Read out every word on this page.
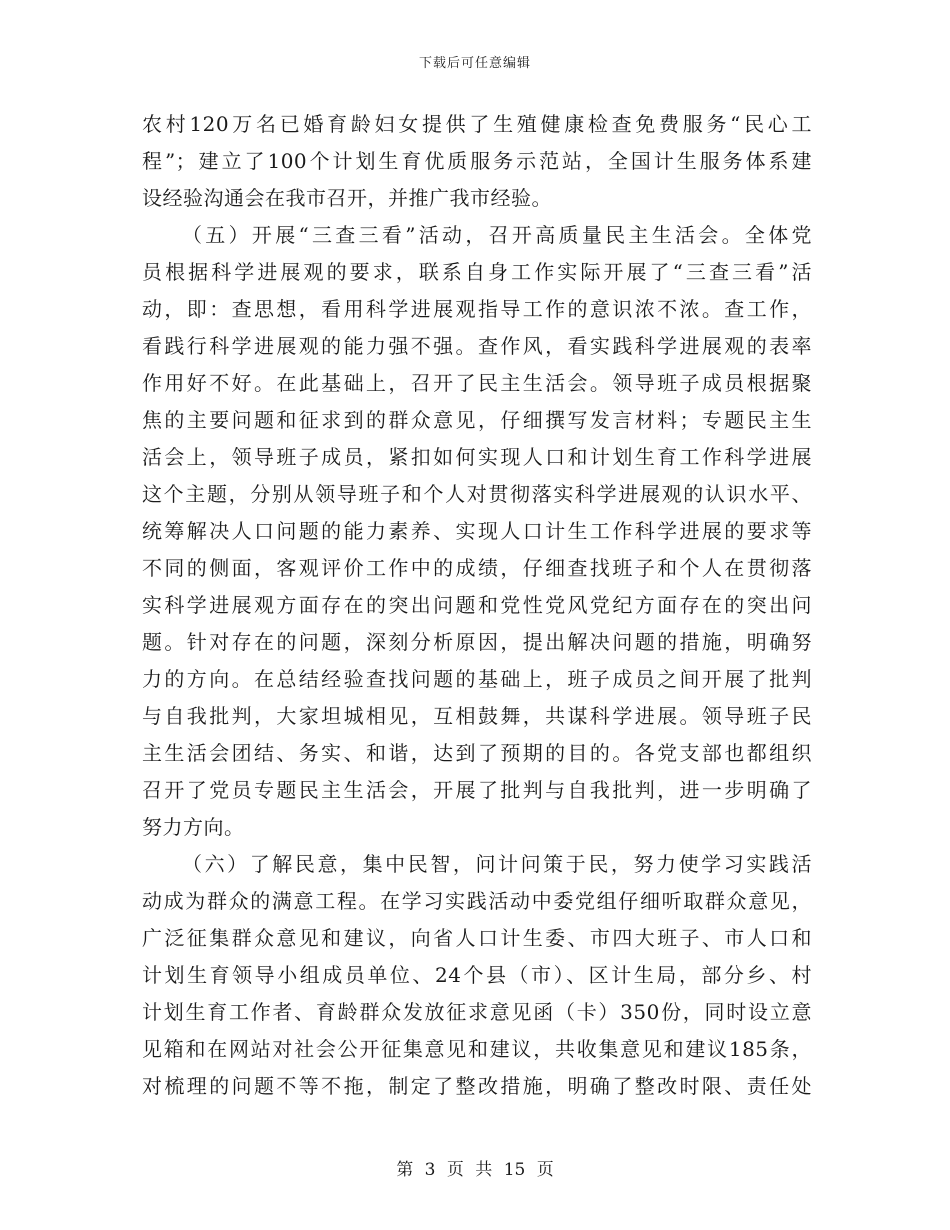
下载后可任意编辑
农村120万名已婚育龄妇女提供了生殖健康检查免费服务“民心工
程”；建立了100个计划生育优质服务示范站，全国计生服务体系建
设经验沟通会在我市召开，并推广我市经验。
（五）开展“三查三看”活动，召开高质量民主生活会。全体党
员根据科学进展观的要求，联系自身工作实际开展了“三查三看”活
动，即：查思想，看用科学进展观指导工作的意识浓不浓。查工作，
看践行科学进展观的能力强不强。查作风，看实践科学进展观的表率
作用好不好。在此基础上，召开了民主生活会。领导班子成员根据聚
焦的主要问题和征求到的群众意见，仔细撰写发言材料；专题民主生
活会上，领导班子成员，紧扣如何实现人口和计划生育工作科学进展
这个主题，分别从领导班子和个人对贯彻落实科学进展观的认识水平、
统筹解决人口问题的能力素养、实现人口计生工作科学进展的要求等
不同的侧面，客观评价工作中的成绩，仔细查找班子和个人在贯彻落
实科学进展观方面存在的突出问题和党性党风党纪方面存在的突出问
题。针对存在的问题，深刻分析原因，提出解决问题的措施，明确努
力的方向。在总结经验查找问题的基础上，班子成员之间开展了批判
与自我批判，大家坦城相见，互相鼓舞，共谋科学进展。领导班子民
主生活会团结、务实、和谐，达到了预期的目的。各党支部也都组织
召开了党员专题民主生活会，开展了批判与自我批判，进一步明确了
努力方向。
（六）了解民意，集中民智，问计问策于民，努力使学习实践活
动成为群众的满意工程。在学习实践活动中委党组仔细听取群众意见，
广泛征集群众意见和建议，向省人口计生委、市四大班子、市人口和
计划生育领导小组成员单位、24个县（市）、区计生局，部分乡、村
计划生育工作者、育龄群众发放征求意见函（卡）350份，同时设立意
见箱和在网站对社会公开征集意见和建议，共收集意见和建议185条，
对梳理的问题不等不拖，制定了整改措施，明确了整改时限、责任处
第 3 页 共 15 页
